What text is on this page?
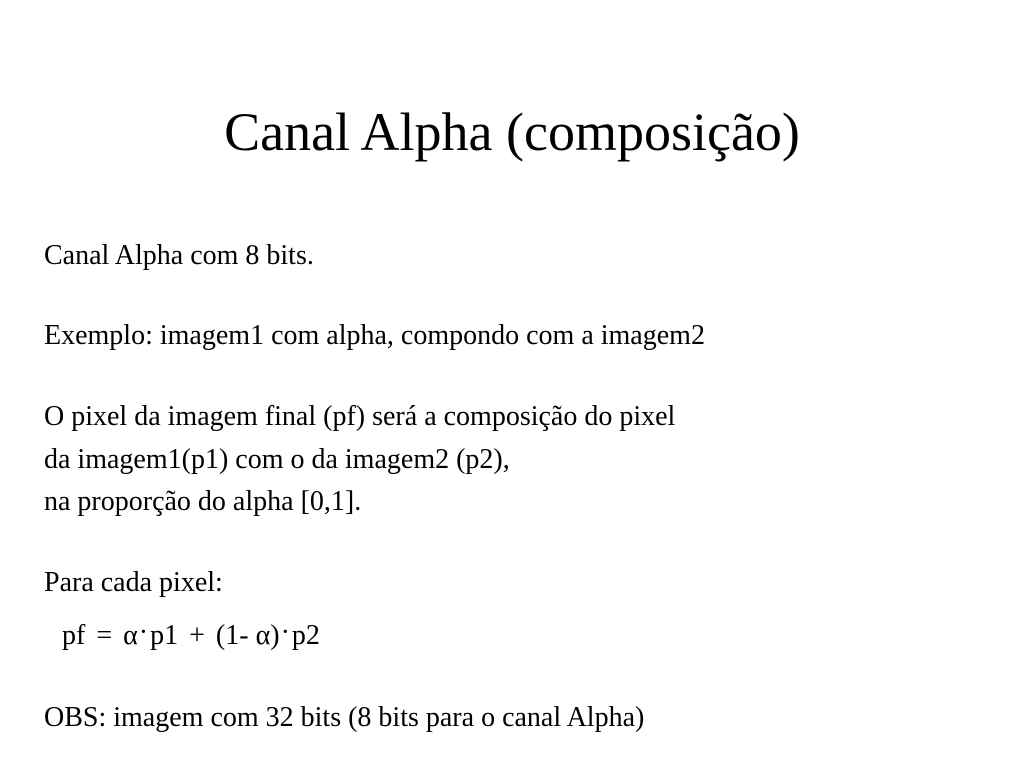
Canal Alpha (composição)
Canal Alpha com 8 bits.
Exemplo: imagem1 com alpha, compondo com a imagem2
O pixel da imagem final (pf) será a composição do pixel
da imagem1(p1) com o da imagem2 (p2),
na proporção do alpha [0,1].
Para cada pixel:
pf = α·p1 + (1- α)·p2
OBS: imagem com 32 bits (8 bits para o canal Alpha)
